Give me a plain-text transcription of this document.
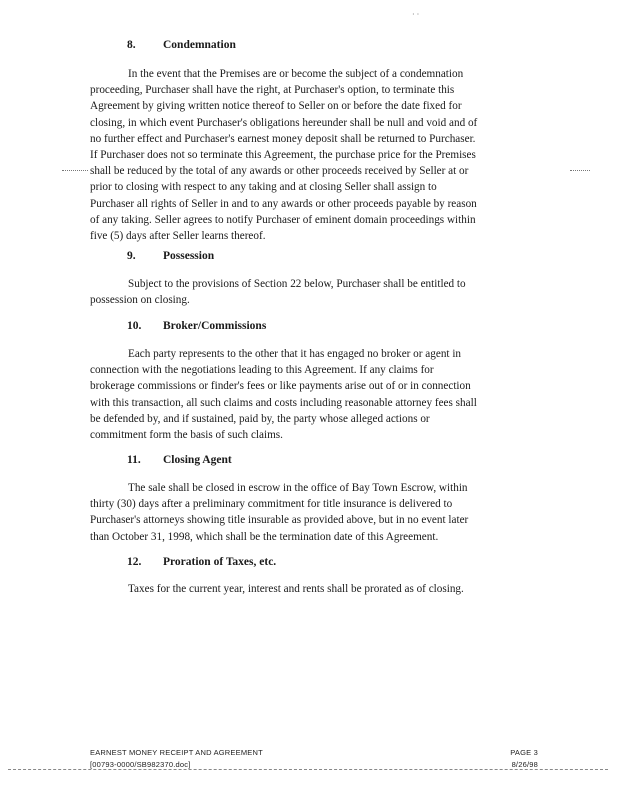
· ·
8. Condemnation
In the event that the Premises are or become the subject of a condemnation
proceeding, Purchaser shall have the right, at Purchaser's option, to terminate this
Agreement by giving written notice thereof to Seller on or before the date fixed for
closing, in which event Purchaser's obligations hereunder shall be null and void and of
no further effect and Purchaser's earnest money deposit shall be returned to Purchaser.
If Purchaser does not so terminate this Agreement, the purchase price for the Premises
shall be reduced by the total of any awards or other proceeds received by Seller at or
prior to closing with respect to any taking and at closing Seller shall assign to
Purchaser all rights of Seller in and to any awards or other proceeds payable by reason
of any taking. Seller agrees to notify Purchaser of eminent domain proceedings within
five (5) days after Seller learns thereof.
9. Possession
Subject to the provisions of Section 22 below, Purchaser shall be entitled to
possession on closing.
10. Broker/Commissions
Each party represents to the other that it has engaged no broker or agent in
connection with the negotiations leading to this Agreement. If any claims for
brokerage commissions or finder's fees or like payments arise out of or in connection
with this transaction, all such claims and costs including reasonable attorney fees shall
be defended by, and if sustained, paid by, the party whose alleged actions or
commitment form the basis of such claims.
11. Closing Agent
The sale shall be closed in escrow in the office of Bay Town Escrow, within
thirty (30) days after a preliminary commitment for title insurance is delivered to
Purchaser's attorneys showing title insurable as provided above, but in no event later
than October 31, 1998, which shall be the termination date of this Agreement.
12. Proration of Taxes, etc.
Taxes for the current year, interest and rents shall be prorated as of closing.
EARNEST MONEY RECEIPT AND AGREEMENT	PAGE 3
[00793-0000/SB982370.doc]	8/26/98
